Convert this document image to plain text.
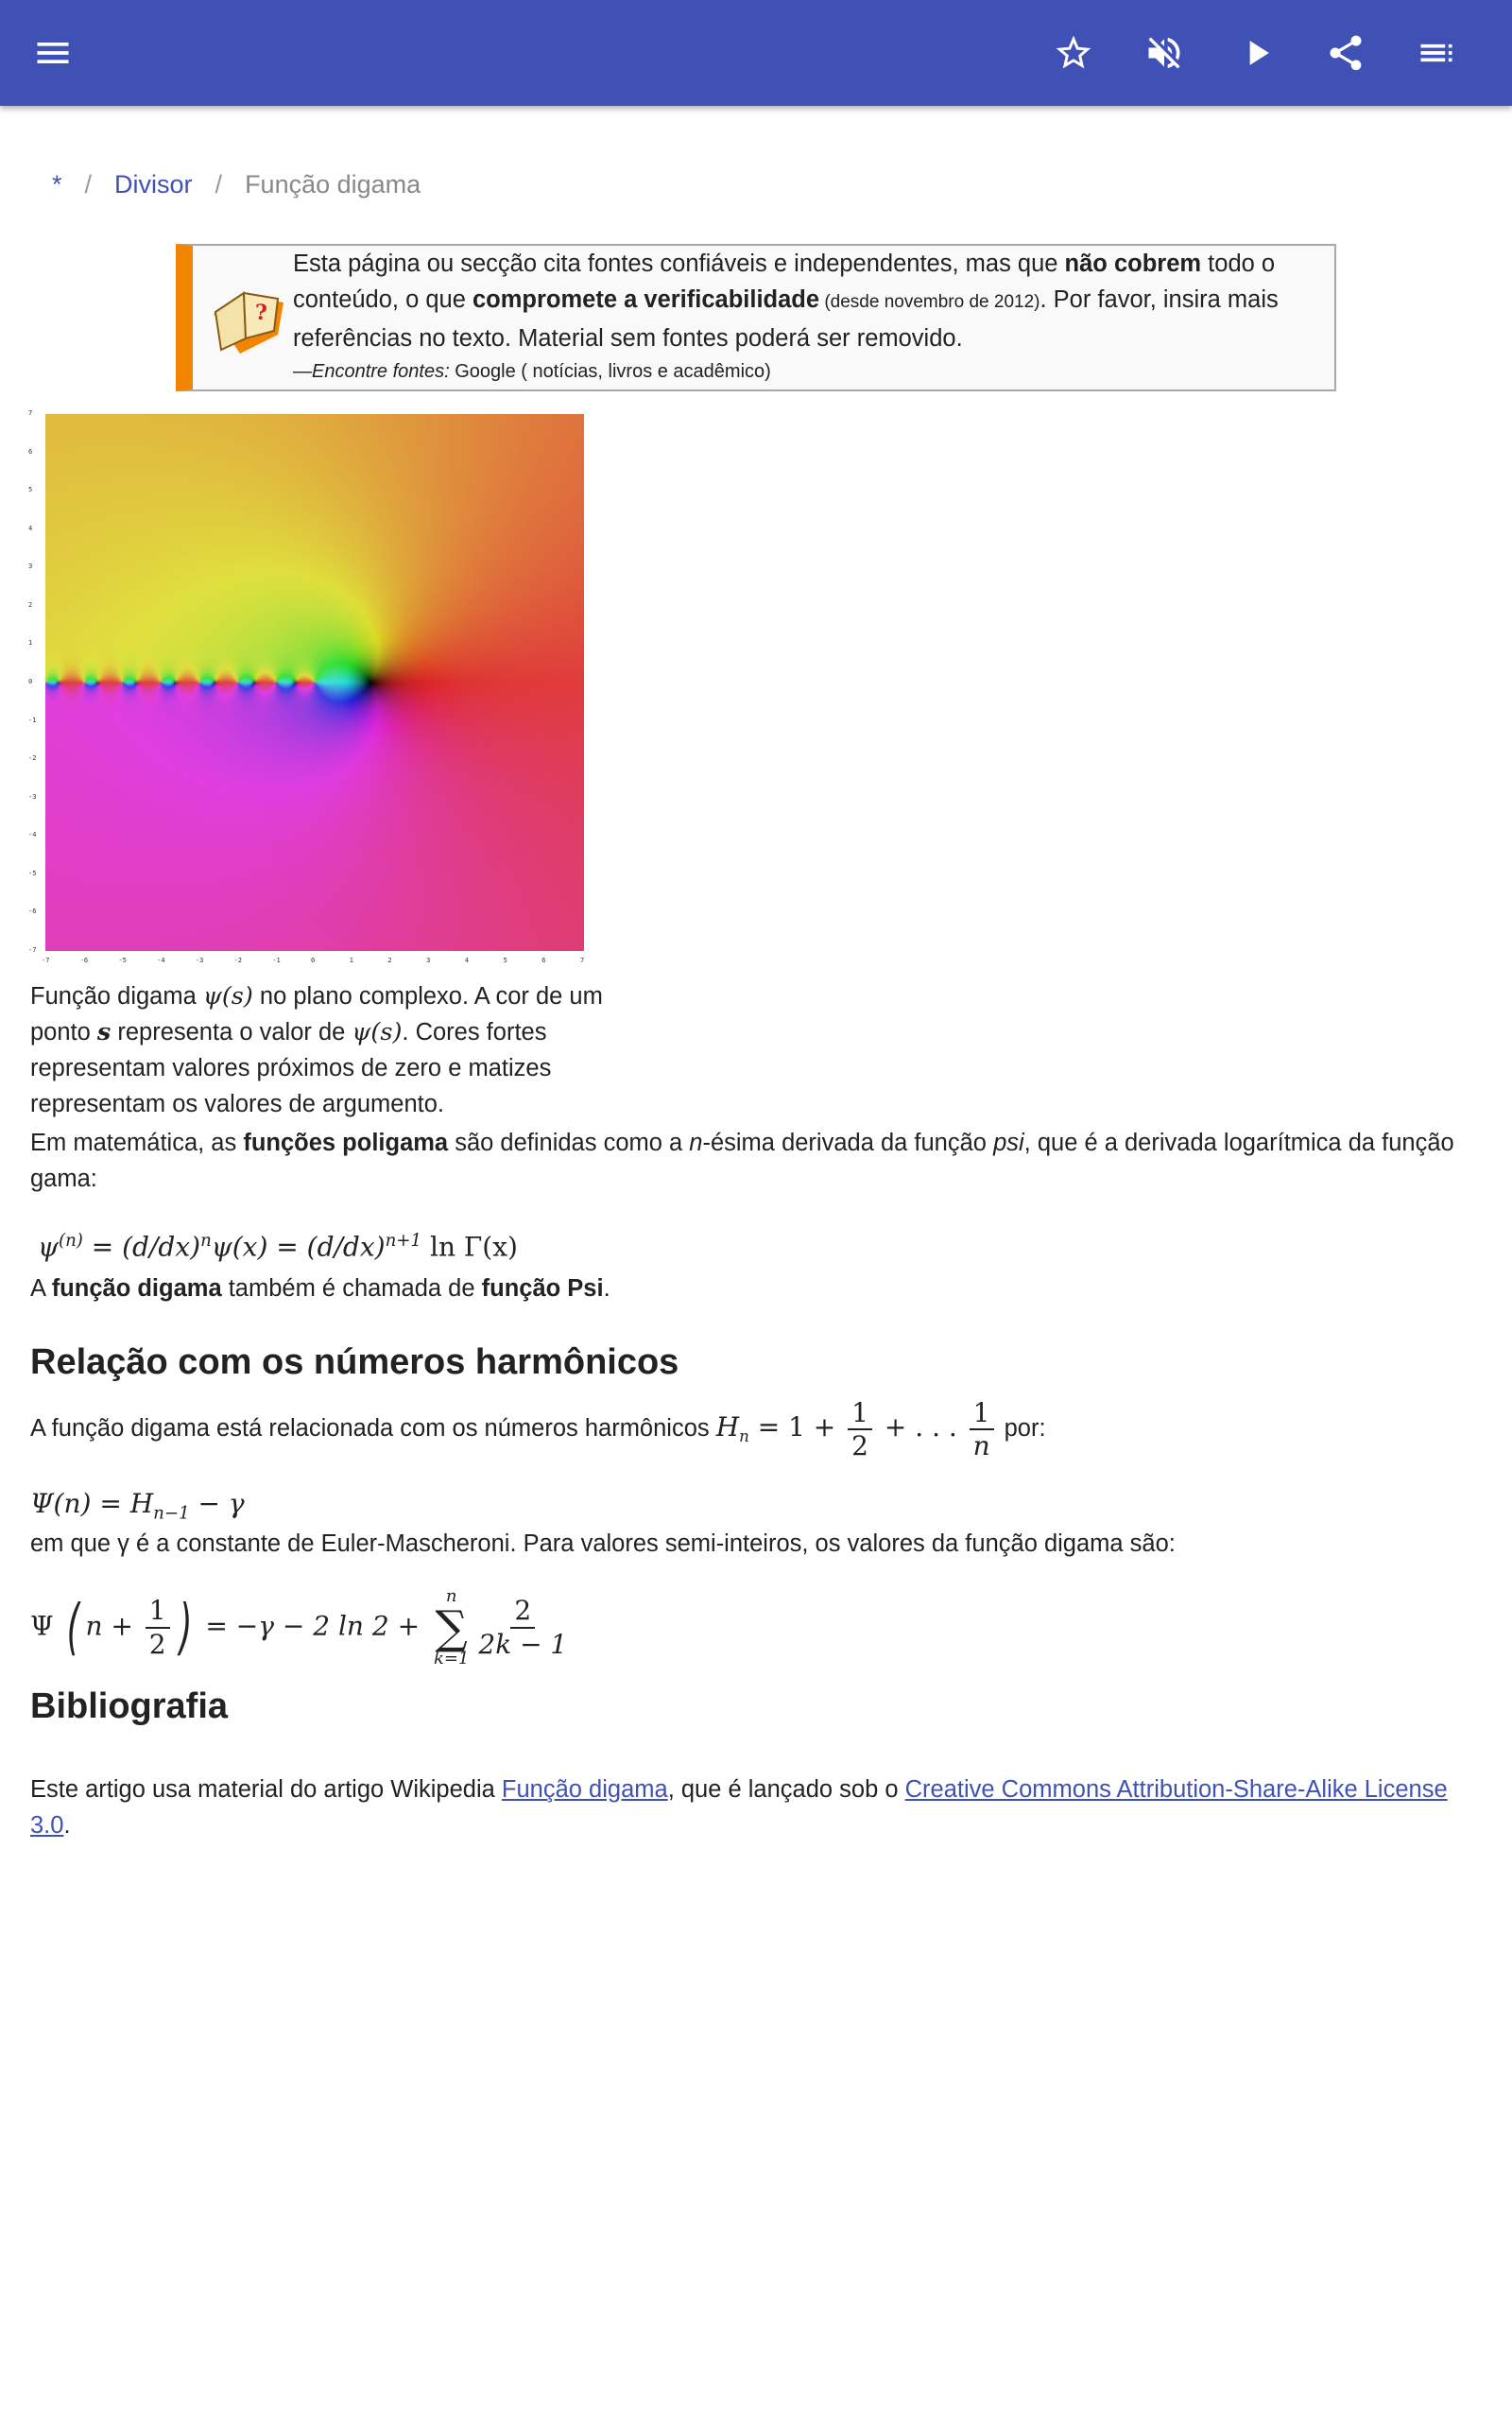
* / Divisor / Função digama
?
Esta página ou secção cita fontes confiáveis e independentes, mas que não cobrem todo o conteúdo, o que compromete a verificabilidade (desde novembro de 2012). Por favor, insira mais referências no texto. Material sem fontes poderá ser removido.
—Encontre fontes: Google ( notícias, livros e acadêmico)
-7	-6	-5	-4	-3	-2	-1	0	1	2	3	4	5	6	7
7
6
5
4
3
2
1
0
-1
-2
-3
-4
-5
-6
-7
Função digama ψ(s) no plano complexo. A cor de um ponto s representa o valor de ψ(s). Cores fortes representam valores próximos de zero e matizes representam os valores de argumento.
Em matemática, as funções poligama são definidas como a n-ésima derivada da função psi, que é a derivada logarítmica da função gama:
$\psi^{(n)} = (d/dx)^n\psi(x) = (d/dx)^{n+1}$ ln Γ(x)
A função digama também é chamada de função Psi.
Relação com os números harmônicos
A função digama está relacionada com os números harmônicos $H_n = 1 + \frac{1}{2}$ + . . . $\frac{1}{n}$ por:
$\Psi(n) = H_{n-1} - \gamma$
em que γ é a constante de Euler-Mascheroni. Para valores semi-inteiros, os valores da função digama são:
Ψ ( $n + \frac{1}{2}$ ) = −γ − 2 ln 2 +
n
∑
$k=1 \frac{2}{2k - 1}$
Bibliografia
Este artigo usa material do artigo Wikipedia Função digama, que é lançado sob o Creative Commons Attribution-Share-Alike License 3.0.
